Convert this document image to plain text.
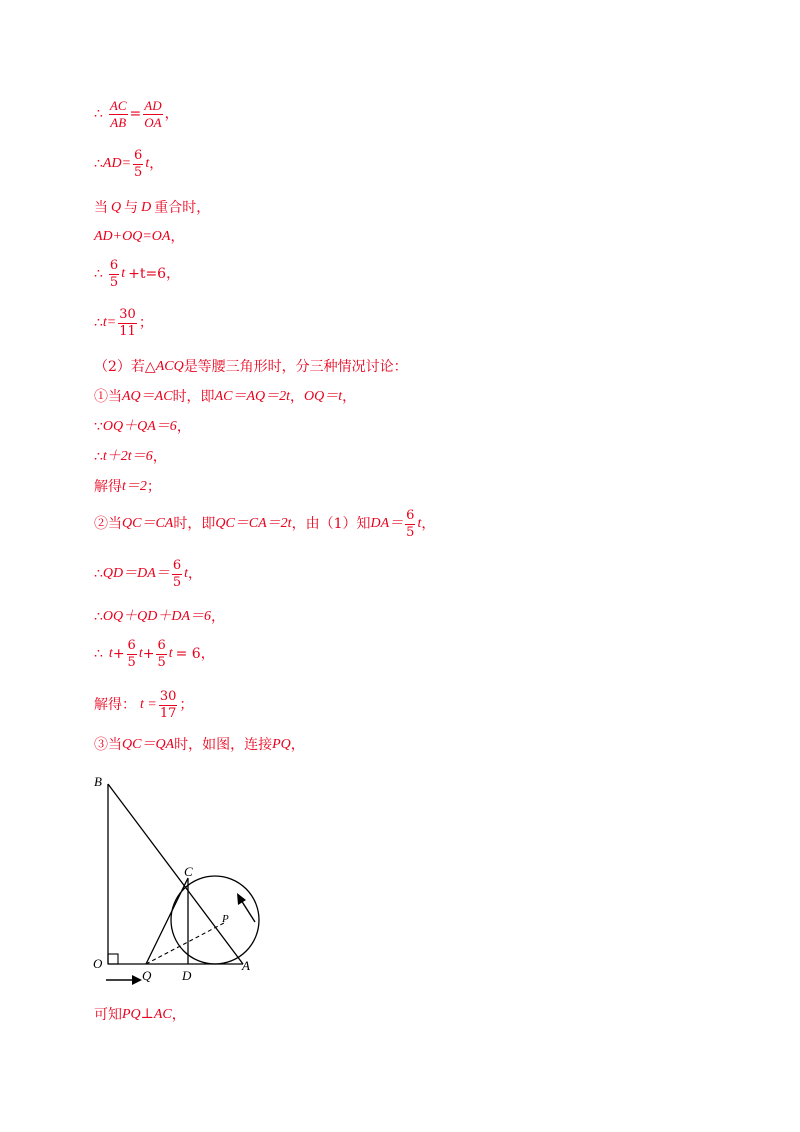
∴ $\frac{AC}{AB} = \frac{AD}{OA}$ ，
∴ $AD= \frac{6}{5}$ t ，
当 Q 与 D 重合时，
AD+OQ=OA ，
∴ $\frac{6}{5}$ t +t=6，
∴ $t= \frac{30}{11}$ ；
（2）若△ ACQ 是等腰三角形时，分三种情况讨论：
①当 AQ＝AC 时，即 AC＝AQ＝2t ， OQ＝t ，
∵ OQ＋QA＝6 ，
∴ t＋2t＝6 ，
解得 t＝2 ；
②当 QC＝CA 时，即 QC＝CA＝2t ，由（1）知 $DA= \frac{6}{5}$ t ，
∴ $QD=DA= \frac{6}{5}$ t ，
∴ OQ＋QD＋DA＝6 ，
∴ $t + \frac{6}{5}$ $t + \frac{6}{5}$ t = 6 ，
解得： $t = \frac{30}{17}$ ；
③当 QC＝QA 时，如图，连接 PQ ，
B
O
Q D
A
C
P
可知 PQ⊥AC ，
